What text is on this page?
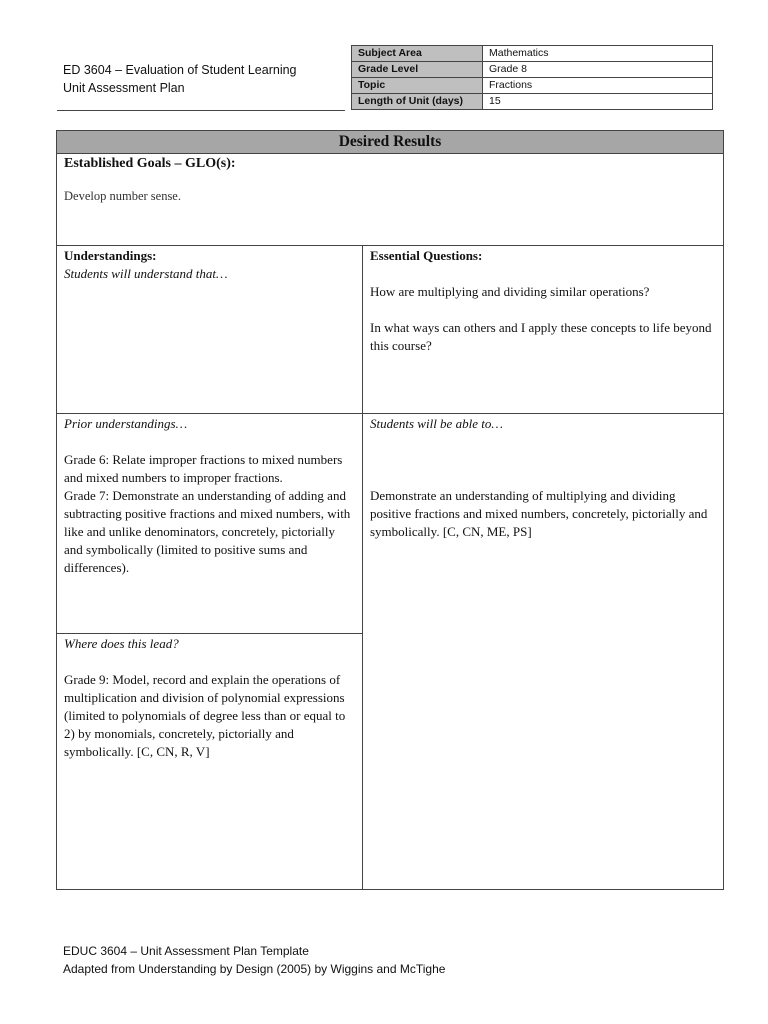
ED 3604 – Evaluation of Student Learning
Unit Assessment Plan
Subject Area	Mathematics
Grade Level	Grade 8
Topic	Fractions
Length of Unit (days)	15
Desired Results

Established Goals – GLO(s):

Develop number sense.

Understandings:

Students will understand that…

Essential Questions:

How are multiplying and dividing similar operations?

In what ways can others and I apply these concepts to life beyond this course?

Prior understandings…

Grade 6: Relate improper fractions to mixed numbers and mixed numbers to improper fractions.

Grade 7: Demonstrate an understanding of adding and subtracting positive fractions and mixed numbers, with like and unlike denominators, concretely, pictorially and symbolically (limited to positive sums and differences).

Where does this lead?

Grade 9: Model, record and explain the operations of multiplication and division of polynomial expressions (limited to polynomials of degree less than or equal to 2) by monomials, concretely, pictorially and symbolically. [C, CN, R, V]

Students will be able to…

Demonstrate an understanding of multiplying and dividing positive fractions and mixed numbers, concretely, pictorially and symbolically. [C, CN, ME, PS]

EDUC 3604 – Unit Assessment Plan Template
Adapted from Understanding by Design (2005) by Wiggins and McTighe
